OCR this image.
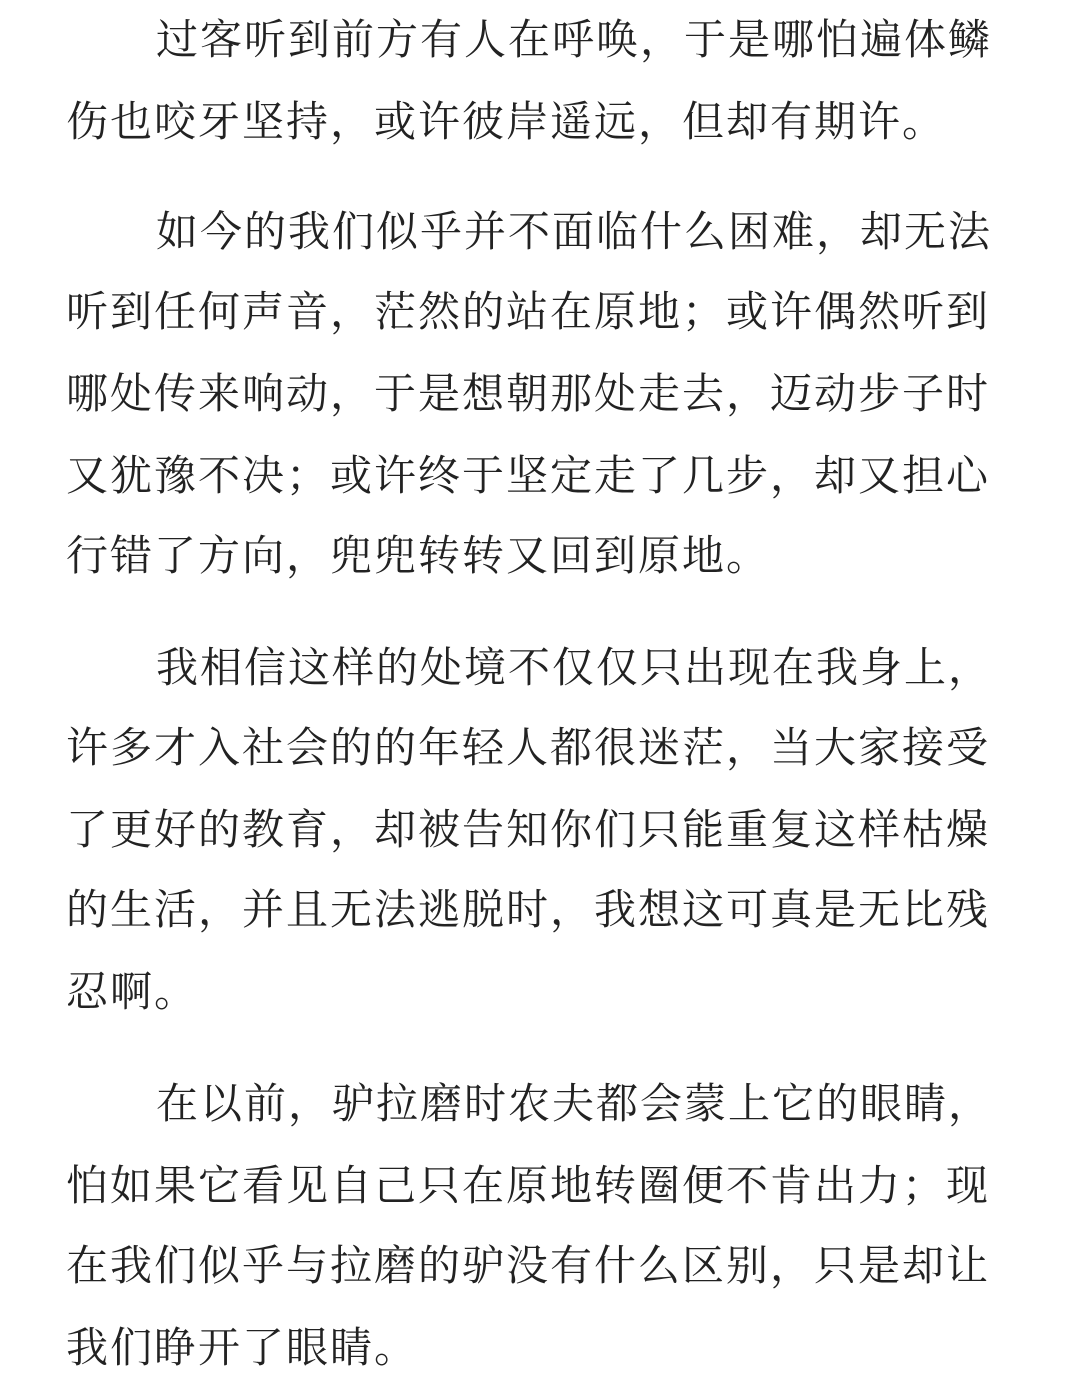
过客听到前方有人在呼唤，于是哪怕遍体鳞
伤也咬牙坚持，或许彼岸遥远，但却有期许。
如今的我们似乎并不面临什么困难，却无法
听到任何声音，茫然的站在原地；或许偶然听到
哪处传来响动，于是想朝那处走去，迈动步子时
又犹豫不决；或许终于坚定走了几步，却又担心
行错了方向，兜兜转转又回到原地。
我相信这样的处境不仅仅只出现在我身上，
许多才入社会的的年轻人都很迷茫，当大家接受
了更好的教育，却被告知你们只能重复这样枯燥
的生活，并且无法逃脱时，我想这可真是无比残
忍啊。
在以前，驴拉磨时农夫都会蒙上它的眼睛，
怕如果它看见自己只在原地转圈便不肯出力；现
在我们似乎与拉磨的驴没有什么区别，只是却让
我们睁开了眼睛。
